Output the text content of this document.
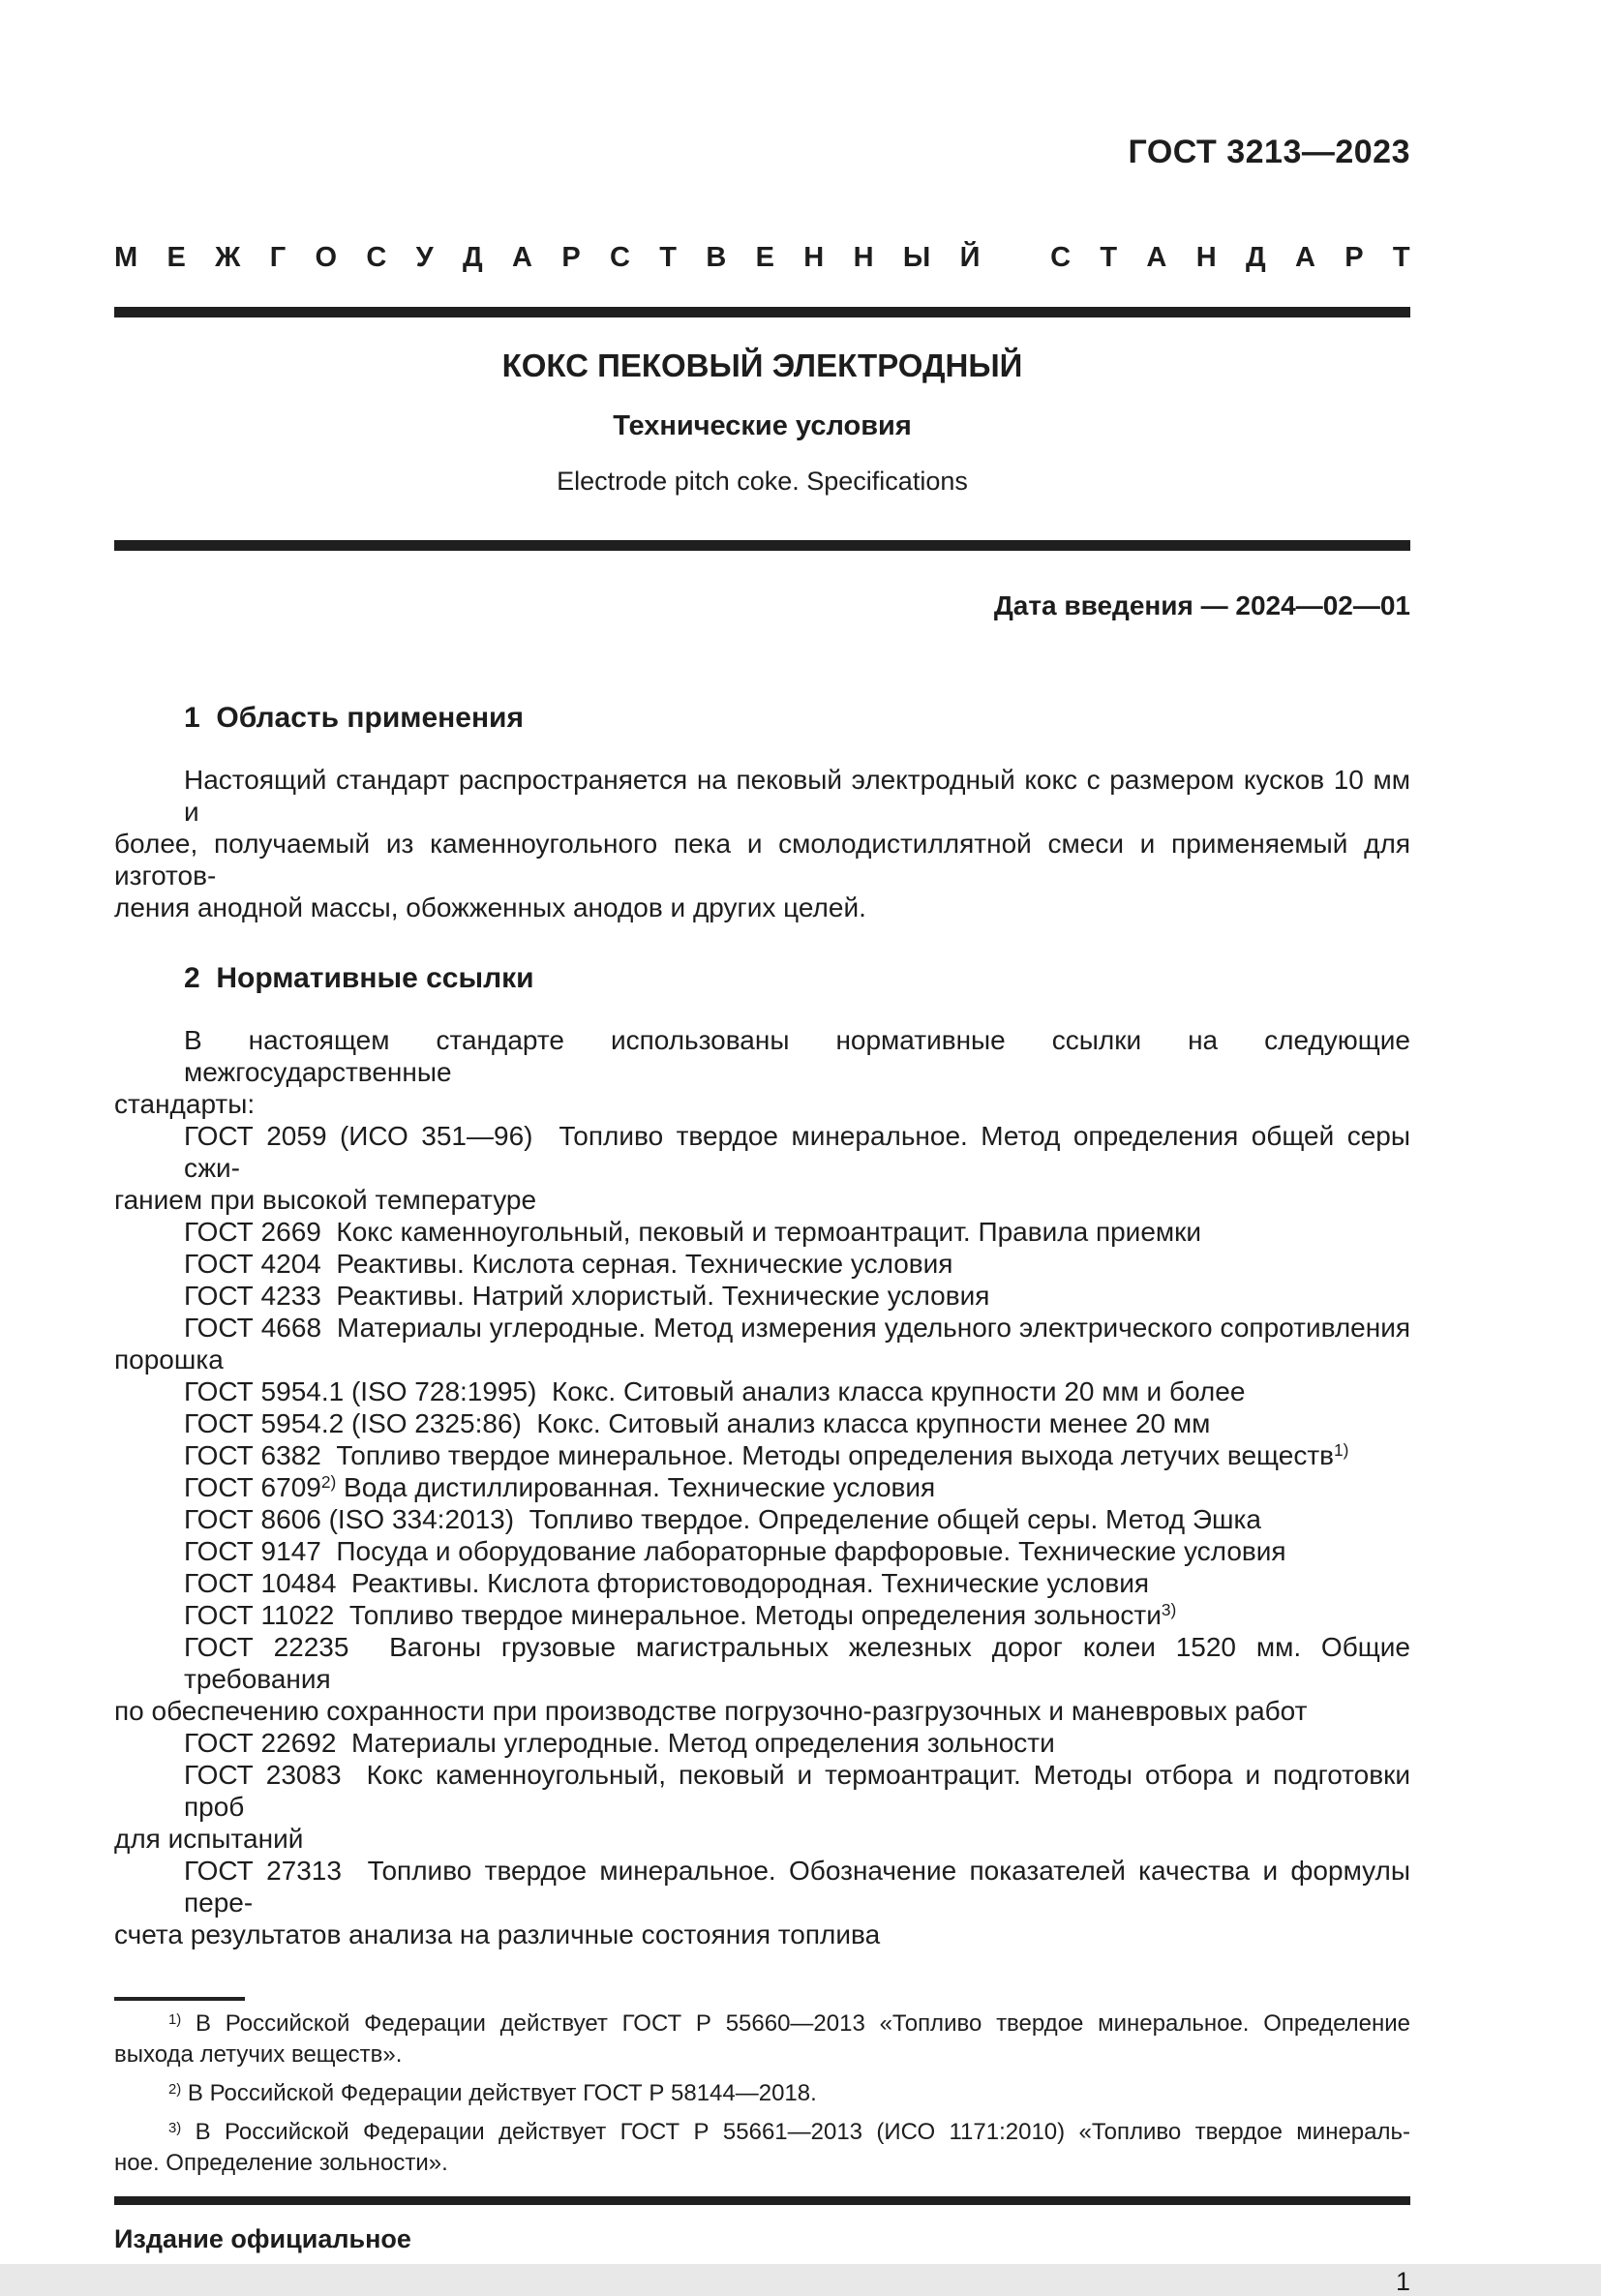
ГОСТ 3213—2023
М Е Ж Г О С У Д А Р С Т В Е Н Н Ы Й
	С Т А Н Д А Р Т
КОКС ПЕКОВЫЙ ЭЛЕКТРОДНЫЙ
Технические условия
Electrode pitch coke. Specifications
Дата введения — 2024—02—01
1  Область применения
Настоящий стандарт распространяется на пековый электродный кокс с размером кусков 10 мм и
более, получаемый из каменноугольного пека и смолодистиллятной смеси и применяемый для изготов-
ления анодной массы, обожженных анодов и других целей.
2  Нормативные ссылки
В настоящем стандарте использованы нормативные ссылки на следующие межгосударственные
стандарты:
ГОСТ 2059 (ИСО 351—96)  Топливо твердое минеральное. Метод определения общей серы сжи-
ганием при высокой температуре
ГОСТ 2669  Кокс каменноугольный, пековый и термоантрацит. Правила приемки
ГОСТ 4204  Реактивы. Кислота серная. Технические условия
ГОСТ 4233  Реактивы. Натрий хлористый. Технические условия
ГОСТ 4668  Материалы углеродные. Метод измерения удельного электрического сопротивления
порошка
ГОСТ 5954.1 (ISO 728:1995)  Кокс. Ситовый анализ класса крупности 20 мм и более
ГОСТ 5954.2 (ISO 2325:86)  Кокс. Ситовый анализ класса крупности менее 20 мм
ГОСТ 6382  Топливо твердое минеральное. Методы определения выхода летучих веществ$^{1)}$
ГОСТ 6709$^{2)}$ Вода дистиллированная. Технические условия
ГОСТ 8606 (ISO 334:2013)  Топливо твердое. Определение общей серы. Метод Эшка
ГОСТ 9147  Посуда и оборудование лабораторные фарфоровые. Технические условия
ГОСТ 10484  Реактивы. Кислота фтористоводородная. Технические условия
ГОСТ 11022  Топливо твердое минеральное. Методы определения зольности$^{3)}$
ГОСТ 22235  Вагоны грузовые магистральных железных дорог колеи 1520 мм. Общие требования
по обеспечению сохранности при производстве погрузочно-разгрузочных и маневровых работ
ГОСТ 22692  Материалы углеродные. Метод определения зольности
ГОСТ 23083  Кокс каменноугольный, пековый и термоантрацит. Методы отбора и подготовки проб
для испытаний
ГОСТ 27313  Топливо твердое минеральное. Обозначение показателей качества и формулы пере-
счета результатов анализа на различные состояния топлива
$^{1)}$ В Российской Федерации действует ГОСТ Р 55660—2013 «Топливо твердое минеральное. Определение
выхода летучих веществ».
$^{2)}$ В Российской Федерации действует ГОСТ Р 58144—2018.
$^{3)}$ В Российской Федерации действует ГОСТ Р 55661—2013 (ИСО 1171:2010) «Топливо твердое минераль-
ное. Определение зольности».
Издание официальное
1
